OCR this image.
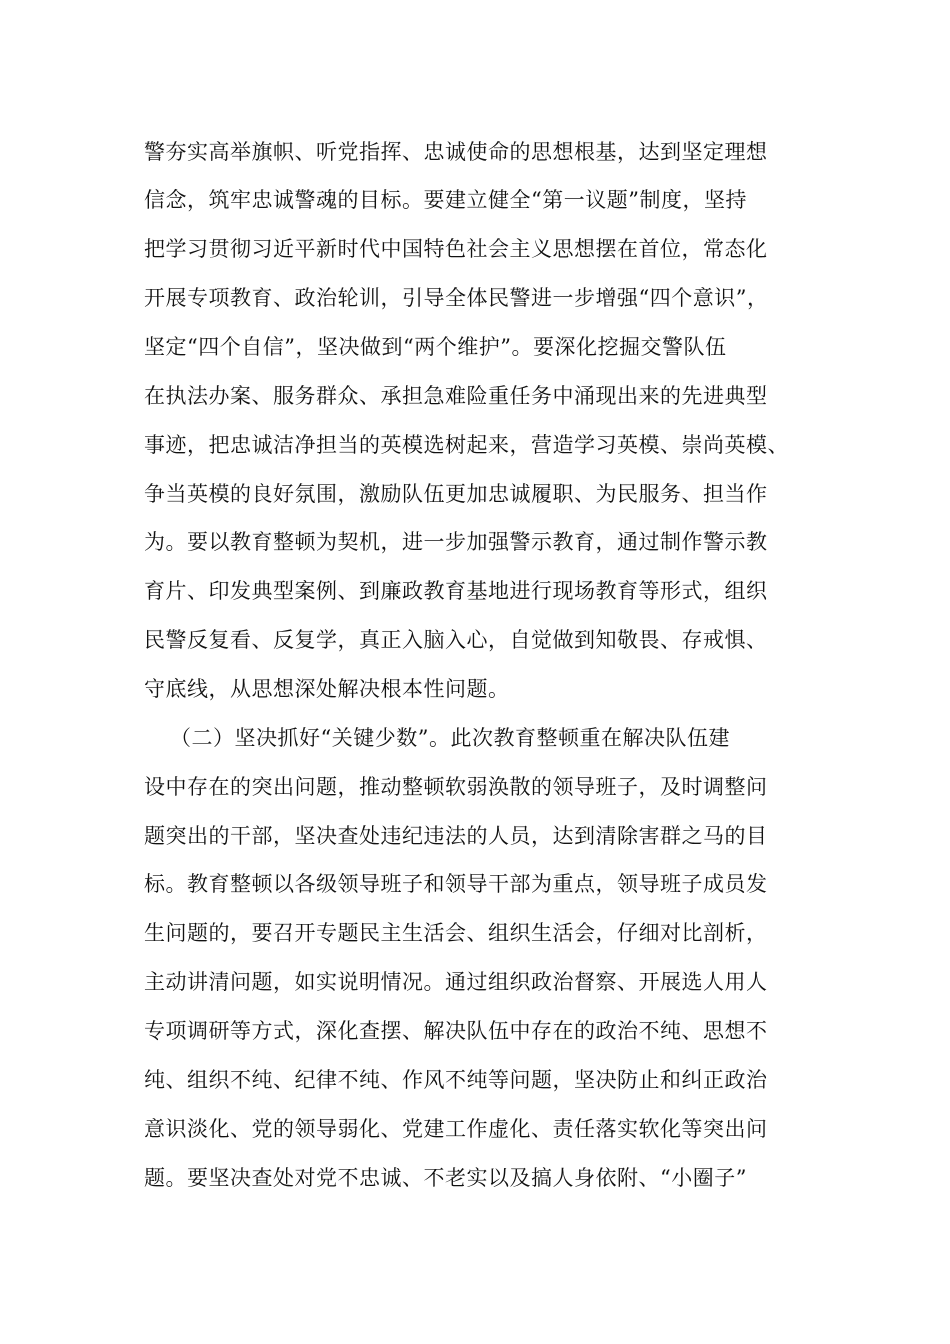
警夯实高举旗帜、听党指挥、忠诚使命的思想根基，达到坚定理想
信念，筑牢忠诚警魂的目标。要建立健全“第一议题”制度，坚持
把学习贯彻习近平新时代中国特色社会主义思想摆在首位，常态化
开展专项教育、政治轮训，引导全体民警进一步增强“四个意识”，
坚定“四个自信”，坚决做到“两个维护”。要深化挖掘交警队伍
在执法办案、服务群众、承担急难险重任务中涌现出来的先进典型
事迹，把忠诚洁净担当的英模选树起来，营造学习英模、崇尚英模、
争当英模的良好氛围，激励队伍更加忠诚履职、为民服务、担当作
为。要以教育整顿为契机，进一步加强警示教育，通过制作警示教
育片、印发典型案例、到廉政教育基地进行现场教育等形式，组织
民警反复看、反复学，真正入脑入心，自觉做到知敬畏、存戒惧、
守底线，从思想深处解决根本性问题。
（二）坚决抓好“关键少数”。此次教育整顿重在解决队伍建
设中存在的突出问题，推动整顿软弱涣散的领导班子，及时调整问
题突出的干部，坚决查处违纪违法的人员，达到清除害群之马的目
标。教育整顿以各级领导班子和领导干部为重点，领导班子成员发
生问题的，要召开专题民主生活会、组织生活会，仔细对比剖析，
主动讲清问题，如实说明情况。通过组织政治督察、开展选人用人
专项调研等方式，深化查摆、解决队伍中存在的政治不纯、思想不
纯、组织不纯、纪律不纯、作风不纯等问题，坚决防止和纠正政治
意识淡化、党的领导弱化、党建工作虚化、责任落实软化等突出问
题。要坚决查处对党不忠诚、不老实以及搞人身依附、“小圈子”
